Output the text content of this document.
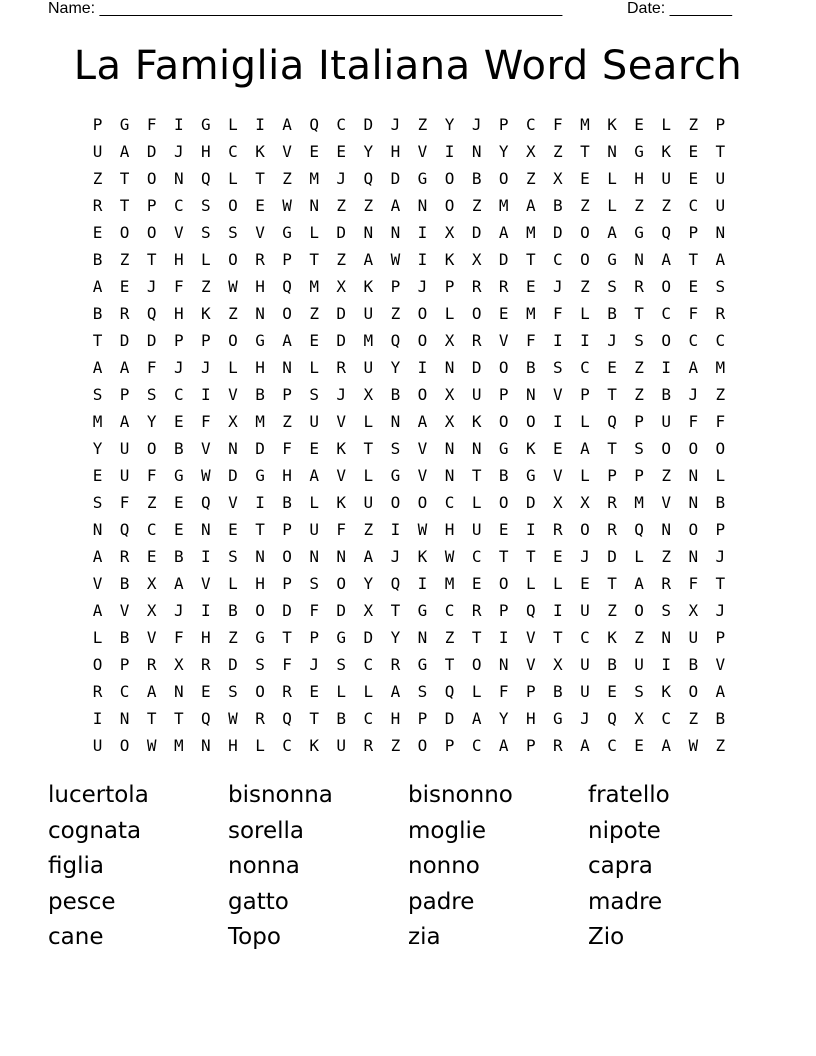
Name: ____________________________________________________	Date: _______
La Famiglia Italiana Word Search
P	G	F	I	G	L	I	A	Q	C	D	J	Z	Y	J	P	C	F	M	K	E	L	Z	P
U	A	D	J	H	C	K	V	E	E	Y	H	V	I	N	Y	X	Z	T	N	G	K	E	T
Z	T	O	N	Q	L	T	Z	M	J	Q	D	G	O	B	O	Z	X	E	L	H	U	E	U
R	T	P	C	S	O	E	W	N	Z	Z	A	N	O	Z	M	A	B	Z	L	Z	Z	C	U
E	O	O	V	S	S	V	G	L	D	N	N	I	X	D	A	M	D	O	A	G	Q	P	N
B	Z	T	H	L	O	R	P	T	Z	A	W	I	K	X	D	T	C	O	G	N	A	T	A
A	E	J	F	Z	W	H	Q	M	X	K	P	J	P	R	R	E	J	Z	S	R	O	E	S
B	R	Q	H	K	Z	N	O	Z	D	U	Z	O	L	O	E	M	F	L	B	T	C	F	R
T	D	D	P	P	O	G	A	E	D	M	Q	O	X	R	V	F	I	I	J	S	O	C	C
A	A	F	J	J	L	H	N	L	R	U	Y	I	N	D	O	B	S	C	E	Z	I	A	M
S	P	S	C	I	V	B	P	S	J	X	B	O	X	U	P	N	V	P	T	Z	B	J	Z
M	A	Y	E	F	X	M	Z	U	V	L	N	A	X	K	O	O	I	L	Q	P	U	F	F
Y	U	O	B	V	N	D	F	E	K	T	S	V	N	N	G	K	E	A	T	S	O	O	O
E	U	F	G	W	D	G	H	A	V	L	G	V	N	T	B	G	V	L	P	P	Z	N	L
S	F	Z	E	Q	V	I	B	L	K	U	O	O	C	L	O	D	X	X	R	M	V	N	B
N	Q	C	E	N	E	T	P	U	F	Z	I	W	H	U	E	I	R	O	R	Q	N	O	P
A	R	E	B	I	S	N	O	N	N	A	J	K	W	C	T	T	E	J	D	L	Z	N	J
V	B	X	A	V	L	H	P	S	O	Y	Q	I	M	E	O	L	L	E	T	A	R	F	T
A	V	X	J	I	B	O	D	F	D	X	T	G	C	R	P	Q	I	U	Z	O	S	X	J
L	B	V	F	H	Z	G	T	P	G	D	Y	N	Z	T	I	V	T	C	K	Z	N	U	P
O	P	R	X	R	D	S	F	J	S	C	R	G	T	O	N	V	X	U	B	U	I	B	V
R	C	A	N	E	S	O	R	E	L	L	A	S	Q	L	F	P	B	U	E	S	K	O	A
I	N	T	T	Q	W	R	Q	T	B	C	H	P	D	A	Y	H	G	J	Q	X	C	Z	B
U	O	W	M	N	H	L	C	K	U	R	Z	O	P	C	A	P	R	A	C	E	A	W	Z
lucertola	bisnonna	bisnonno	fratello
cognata	sorella	moglie	nipote
figlia	nonna	nonno	capra
pesce	gatto	padre	madre
cane	Topo	zia	Zio
